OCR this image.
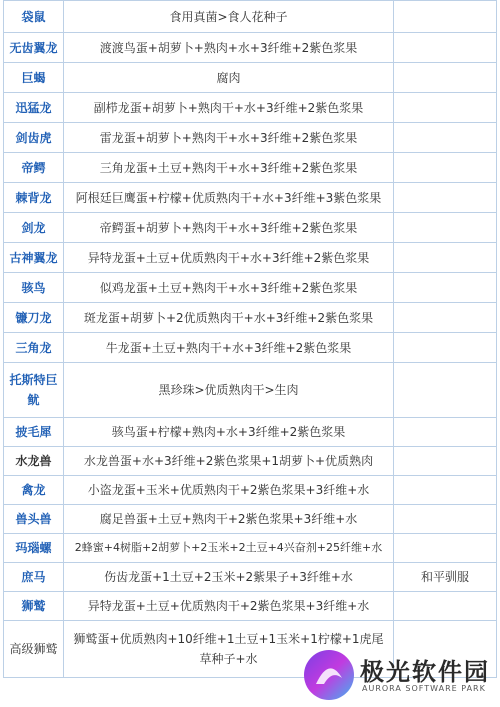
袋鼠	食用真菌>食人花种子	
无齿翼龙	渡渡鸟蛋+胡萝卜+熟肉+水+3纤维+2紫色浆果	
巨蝎	腐肉	
迅猛龙	副栉龙蛋+胡萝卜+熟肉干+水+3纤维+2紫色浆果	
剑齿虎	雷龙蛋+胡萝卜+熟肉干+水+3纤维+2紫色浆果	
帝鳄	三角龙蛋+土豆+熟肉干+水+3纤维+2紫色浆果	
棘背龙	阿根廷巨鹰蛋+柠檬+优质熟肉干+水+3纤维+3紫色浆果	
剑龙	帝鳄蛋+胡萝卜+熟肉干+水+3纤维+2紫色浆果	
古神翼龙	异特龙蛋+土豆+优质熟肉干+水+3纤维+2紫色浆果	
骇鸟	似鸡龙蛋+土豆+熟肉干+水+3纤维+2紫色浆果	
镰刀龙	斑龙蛋+胡萝卜+2优质熟肉干+水+3纤维+2紫色浆果	
三角龙	牛龙蛋+土豆+熟肉干+水+3纤维+2紫色浆果	
托斯特巨鱿	黑珍珠>优质熟肉干>生肉	
披毛犀	骇鸟蛋+柠檬+熟肉+水+3纤维+2紫色浆果	
水龙兽	水龙兽蛋+水+3纤维+2紫色浆果+1胡萝卜+优质熟肉	
禽龙	小盗龙蛋+玉米+优质熟肉干+2紫色浆果+3纤维+水	
兽头兽	腐足兽蛋+土豆+熟肉干+2紫色浆果+3纤维+水	
玛瑙螺	2蜂蜜+4树脂+2胡萝卜+2玉米+2土豆+4兴奋剂+25纤维+水	
庶马	伤齿龙蛋+1土豆+2玉米+2紫果子+3纤维+水	和平驯服
狮鹫	异特龙蛋+土豆+优质熟肉干+2紫色浆果+3纤维+水	
高级狮鹫	狮鹫蛋+优质熟肉+10纤维+1土豆+1玉米+1柠檬+1虎尾草种子+水		极光软件园
AURORA SOFTWARE PARK
